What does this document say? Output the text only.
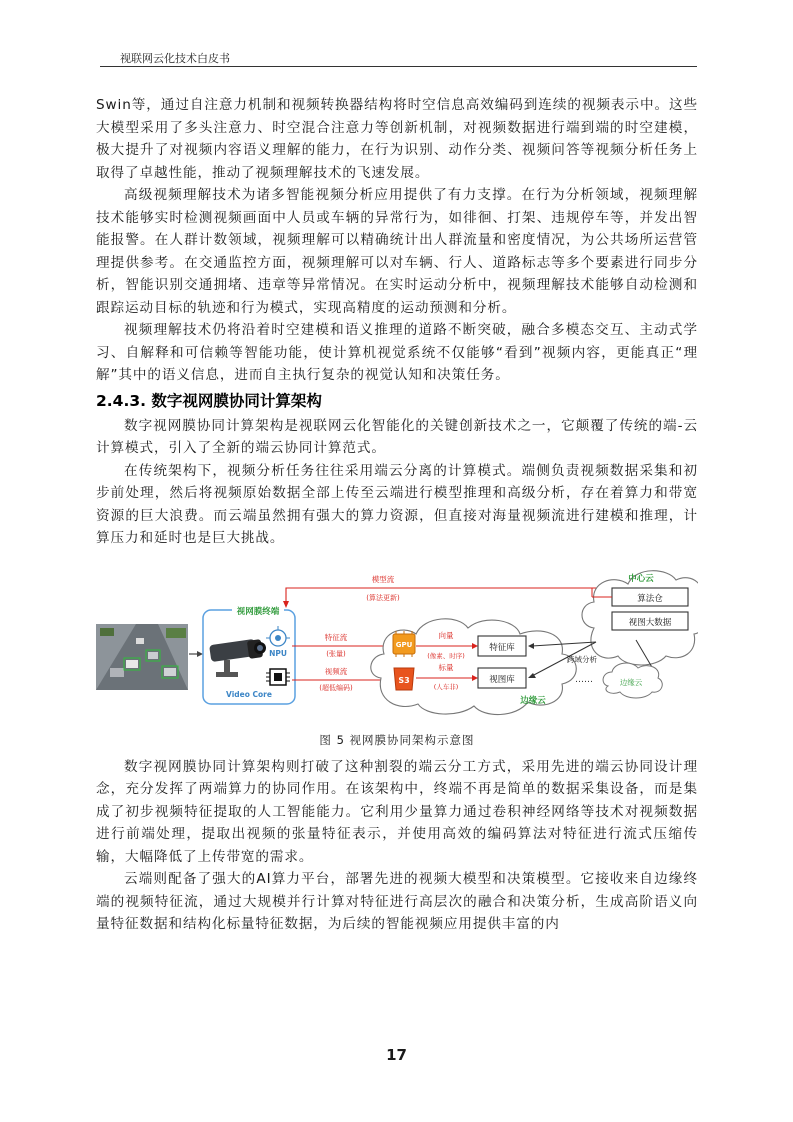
视联网云化技术白皮书

Swin等，通过自注意力机制和视频转换器结构将时空信息高效编码到连续的视频表示中。这些大模型采用了多头注意力、时空混合注意力等创新机制，对视频数据进行端到端的时空建模，极大提升了对视频内容语义理解的能力，在行为识别、动作分类、视频问答等视频分析任务上取得了卓越性能，推动了视频理解技术的飞速发展。

高级视频理解技术为诸多智能视频分析应用提供了有力支撑。在行为分析领域，视频理解技术能够实时检测视频画面中人员或车辆的异常行为，如徘徊、打架、违规停车等，并发出智能报警。在人群计数领域，视频理解可以精确统计出人群流量和密度情况，为公共场所运营管理提供参考。在交通监控方面，视频理解可以对车辆、行人、道路标志等多个要素进行同步分析，智能识别交通拥堵、违章等异常情况。在实时运动分析中，视频理解技术能够自动检测和跟踪运动目标的轨迹和行为模式，实现高精度的运动预测和分析。

视频理解技术仍将沿着时空建模和语义推理的道路不断突破，融合多模态交互、主动式学习、自解释和可信赖等智能功能，使计算机视觉系统不仅能够“看到”视频内容，更能真正“理解”其中的语义信息，进而自主执行复杂的视觉认知和决策任务。

2.4.3. 数字视网膜协同计算架构

数字视网膜协同计算架构是视联网云化智能化的关键创新技术之一，它颠覆了传统的端-云计算模式，引入了全新的端云协同计算范式。

在传统架构下，视频分析任务往往采用端云分离的计算模式。端侧负责视频数据采集和初步前处理，然后将视频原始数据全部上传至云端进行模型推理和高级分析，存在着算力和带宽资源的巨大浪费。而云端虽然拥有强大的算力资源，但直接对海量视频流进行建模和推理，计算压力和延时也是巨大挑战。

视网膜终端
NPU
Video Core
模型流
(算法更新)
特征流
(张量)
视频流
(超低编码)
边缘云
GPU
S3
向量
(像素、时序)
标量
(人车非)
特征库
视图库
中心云
算法仓
视图大数据
跨域分析
边缘云
……
图 5 视网膜协同架构示意图

数字视网膜协同计算架构则打破了这种割裂的端云分工方式，采用先进的端云协同设计理念，充分发挥了两端算力的协同作用。在该架构中，终端不再是简单的数据采集设备，而是集成了初步视频特征提取的人工智能能力。它利用少量算力通过卷积神经网络等技术对视频数据进行前端处理，提取出视频的张量特征表示，并使用高效的编码算法对特征进行流式压缩传输，大幅降低了上传带宽的需求。

云端则配备了强大的AI算力平台，部署先进的视频大模型和决策模型。它接收来自边缘终端的视频特征流，通过大规模并行计算对特征进行高层次的融合和决策分析，生成高阶语义向量特征数据和结构化标量特征数据，为后续的智能视频应用提供丰富的内

17
